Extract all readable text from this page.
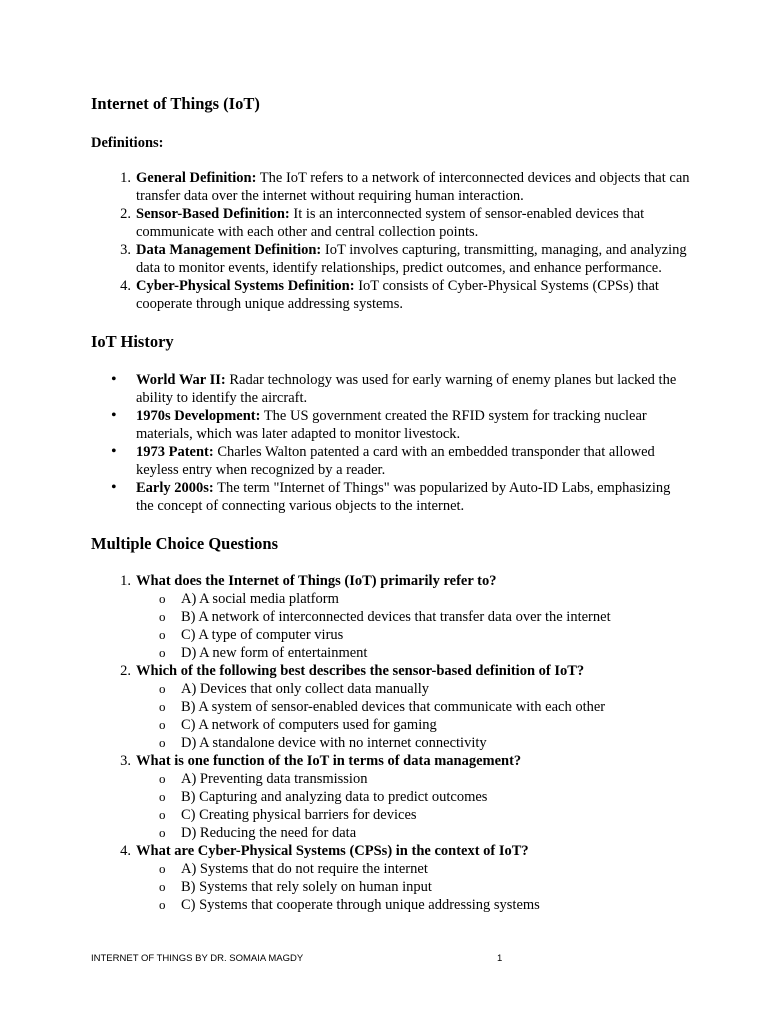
Internet of Things (IoT)
Definitions:
1. General Definition: The IoT refers to a network of interconnected devices and objects that can transfer data over the internet without requiring human interaction.
2. Sensor-Based Definition: It is an interconnected system of sensor-enabled devices that communicate with each other and central collection points.
3. Data Management Definition: IoT involves capturing, transmitting, managing, and analyzing data to monitor events, identify relationships, predict outcomes, and enhance performance.
4. Cyber-Physical Systems Definition: IoT consists of Cyber-Physical Systems (CPSs) that cooperate through unique addressing systems.
IoT History
• World War II: Radar technology was used for early warning of enemy planes but lacked the ability to identify the aircraft.
• 1970s Development: The US government created the RFID system for tracking nuclear materials, which was later adapted to monitor livestock.
• 1973 Patent: Charles Walton patented a card with an embedded transponder that allowed keyless entry when recognized by a reader.
• Early 2000s: The term "Internet of Things" was popularized by Auto-ID Labs, emphasizing the concept of connecting various objects to the internet.
Multiple Choice Questions
1. What does the Internet of Things (IoT) primarily refer to?
o A) A social media platform
o B) A network of interconnected devices that transfer data over the internet
o C) A type of computer virus
o D) A new form of entertainment
2. Which of the following best describes the sensor-based definition of IoT?
o A) Devices that only collect data manually
o B) A system of sensor-enabled devices that communicate with each other
o C) A network of computers used for gaming
o D) A standalone device with no internet connectivity
3. What is one function of the IoT in terms of data management?
o A) Preventing data transmission
o B) Capturing and analyzing data to predict outcomes
o C) Creating physical barriers for devices
o D) Reducing the need for data
4. What are Cyber-Physical Systems (CPSs) in the context of IoT?
o A) Systems that do not require the internet
o B) Systems that rely solely on human input
o C) Systems that cooperate through unique addressing systems
INTERNET OF THINGS BY DR. SOMAIA MAGDY	1
